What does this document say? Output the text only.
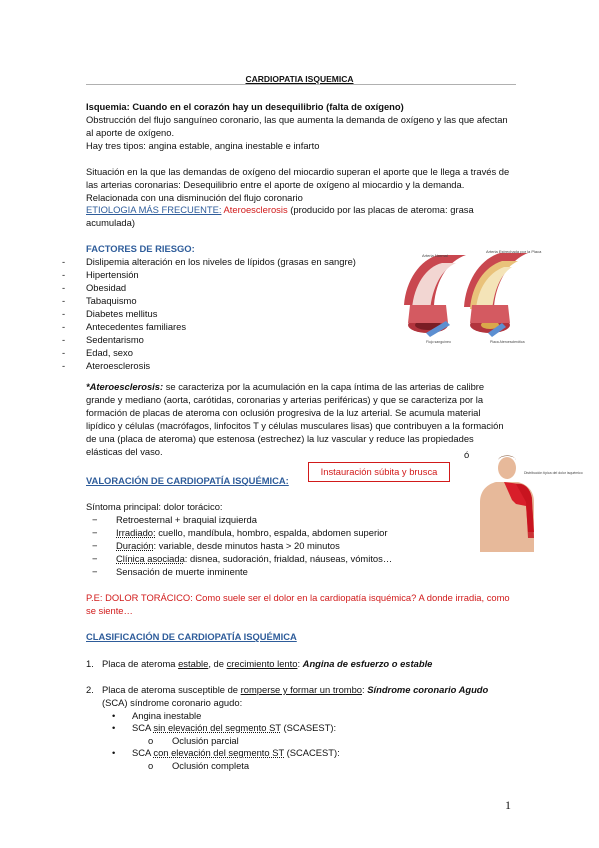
CARDIOPATIA ISQUEMICA
Isquemia: Cuando en el corazón hay un desequilibrio (falta de oxígeno)
Obstrucción del flujo sanguíneo coronario, las que aumenta la demanda de oxígeno y las que afectan
al aporte de oxígeno.
Hay tres tipos: angina estable, angina inestable e infarto
Situación en la que las demandas de oxígeno del miocardio superan el aporte que le llega a través de
las arterias coronarias: Desequilibrio entre el aporte de oxígeno al miocardio y la demanda.
Relacionada con una disminución del flujo coronario
ETIOLOGIA MÁS FRECUENTE: Ateroesclerosis (producido por las placas de ateroma: grasa
acumulada)
FACTORES DE RIESGO:
- Dislipemia alteración en los niveles de lípidos (grasas en sangre)
- Hipertensión
- Obesidad
- Tabaquismo
- Diabetes mellitus
- Antecedentes familiares
- Sedentarismo
- Edad, sexo
- Ateroesclerosis
Arteria Normal
Arteria Estrechada por la Placa
Flujo sanguíneo	Placa Ateroesclerótica
*Ateroesclerosis: se caracteriza por la acumulación en la capa íntima de las arterias de calibre
grande y mediano (aorta, carótidas, coronarias y arterias periféricas) y que se caracteriza por la
formación de placas de ateroma con oclusión progresiva de la luz arterial. Se acumula material
lipídico y células (macrófagos, linfocitos T y células musculares lisas) que contribuyen a la formación
de una (placa de ateroma) que estenosa (estrechez) la luz vascular y reduce las propiedades
elásticas del vaso.
Instauración súbita y brusca
ó
VALORACIÓN DE CARDIOPATÍA ISQUÉMICA:
Síntoma principal: dolor torácico:
− Retroesternal + braquial izquierda
− Irradiado: cuello, mandíbula, hombro, espalda, abdomen superior
− Duración: variable, desde minutos hasta > 20 minutos
− Clínica asociada: disnea, sudoración, frialdad, náuseas, vómitos…
− Sensación de muerte inminente
Distribución típica del dolor isquémico
P.E: DOLOR TORÁCICO: Como suele ser el dolor en la cardiopatía isquémica? A donde irradia, como
se siente…
CLASIFICACIÓN DE CARDIOPATÍA ISQUÉMICA
1. Placa de ateroma estable, de crecimiento lento: Angina de esfuerzo o estable
2. Placa de ateroma susceptible de romperse y formar un trombo: Síndrome coronario Agudo
(SCA) síndrome coronario agudo:
• Angina inestable
• SCA sin elevación del segmento ST (SCASEST):
o Oclusión parcial
• SCA con elevación del segmento ST (SCACEST):
o Oclusión completa
1
